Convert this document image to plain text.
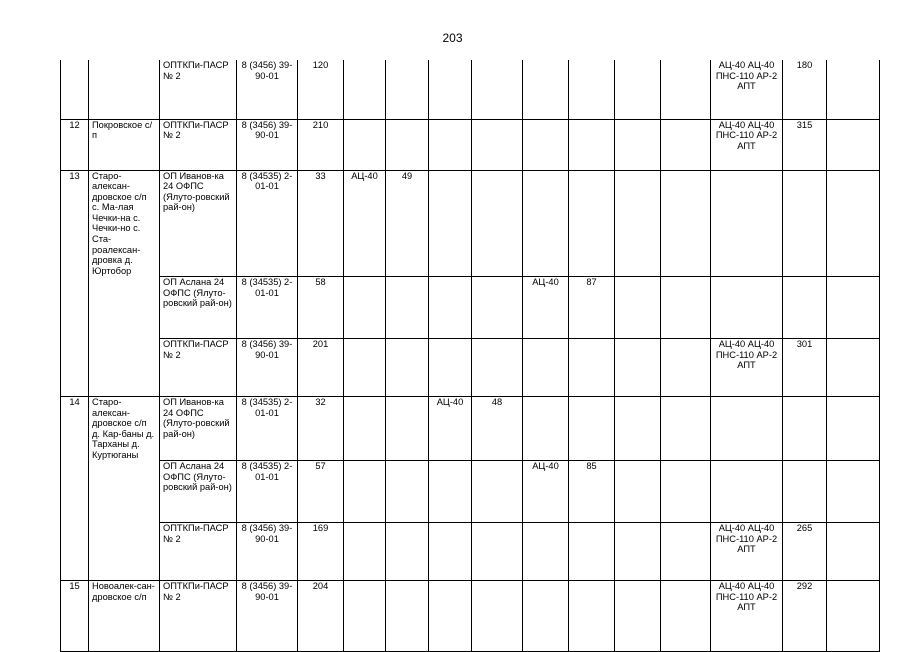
203
		ОПТКПи-ПАСР № 2	8 (3456) 39-90-01	120									АЦ-40 АЦ-40 ПНС-110 АР-2 АПТ	180	
12	Покровское с/п	ОПТКПи-ПАСР № 2	8 (3456) 39-90-01	210									АЦ-40 АЦ-40 ПНС-110 АР-2 АПТ	315	
13	Старо-алексан-дровское с/п с. Ма-лая Чечки-на с. Чечки-но с. Ста-роалексан-дровка д. Юртобор	ОП Иванов-ка 24 ОФПС (Ялуто-ровский рай-он)	8 (34535) 2-01-01	33	АЦ-40	49									
		ОП Аслана 24 ОФПС (Ялуто-ровский рай-он)	8 (34535) 2-01-01	58					АЦ-40	87					
		ОПТКПи-ПАСР № 2	8 (3456) 39-90-01	201									АЦ-40 АЦ-40 ПНС-110 АР-2 АПТ	301	
14	Старо-алексан-дровское с/п д. Кар-баны д. Тарханы д. Куртюганы	ОП Иванов-ка 24 ОФПС (Ялуто-ровский рай-он)	8 (34535) 2-01-01	32			АЦ-40	48							
		ОП Аслана 24 ОФПС (Ялуто-ровский рай-он)	8 (34535) 2-01-01	57					АЦ-40	85					
		ОПТКПи-ПАСР № 2	8 (3456) 39-90-01	169									АЦ-40 АЦ-40 ПНС-110 АР-2 АПТ	265	
15	Новоалек-сан-дровское с/п	ОПТКПи-ПАСР № 2	8 (3456) 39-90-01	204									АЦ-40 АЦ-40 ПНС-110 АР-2 АПТ	292	
